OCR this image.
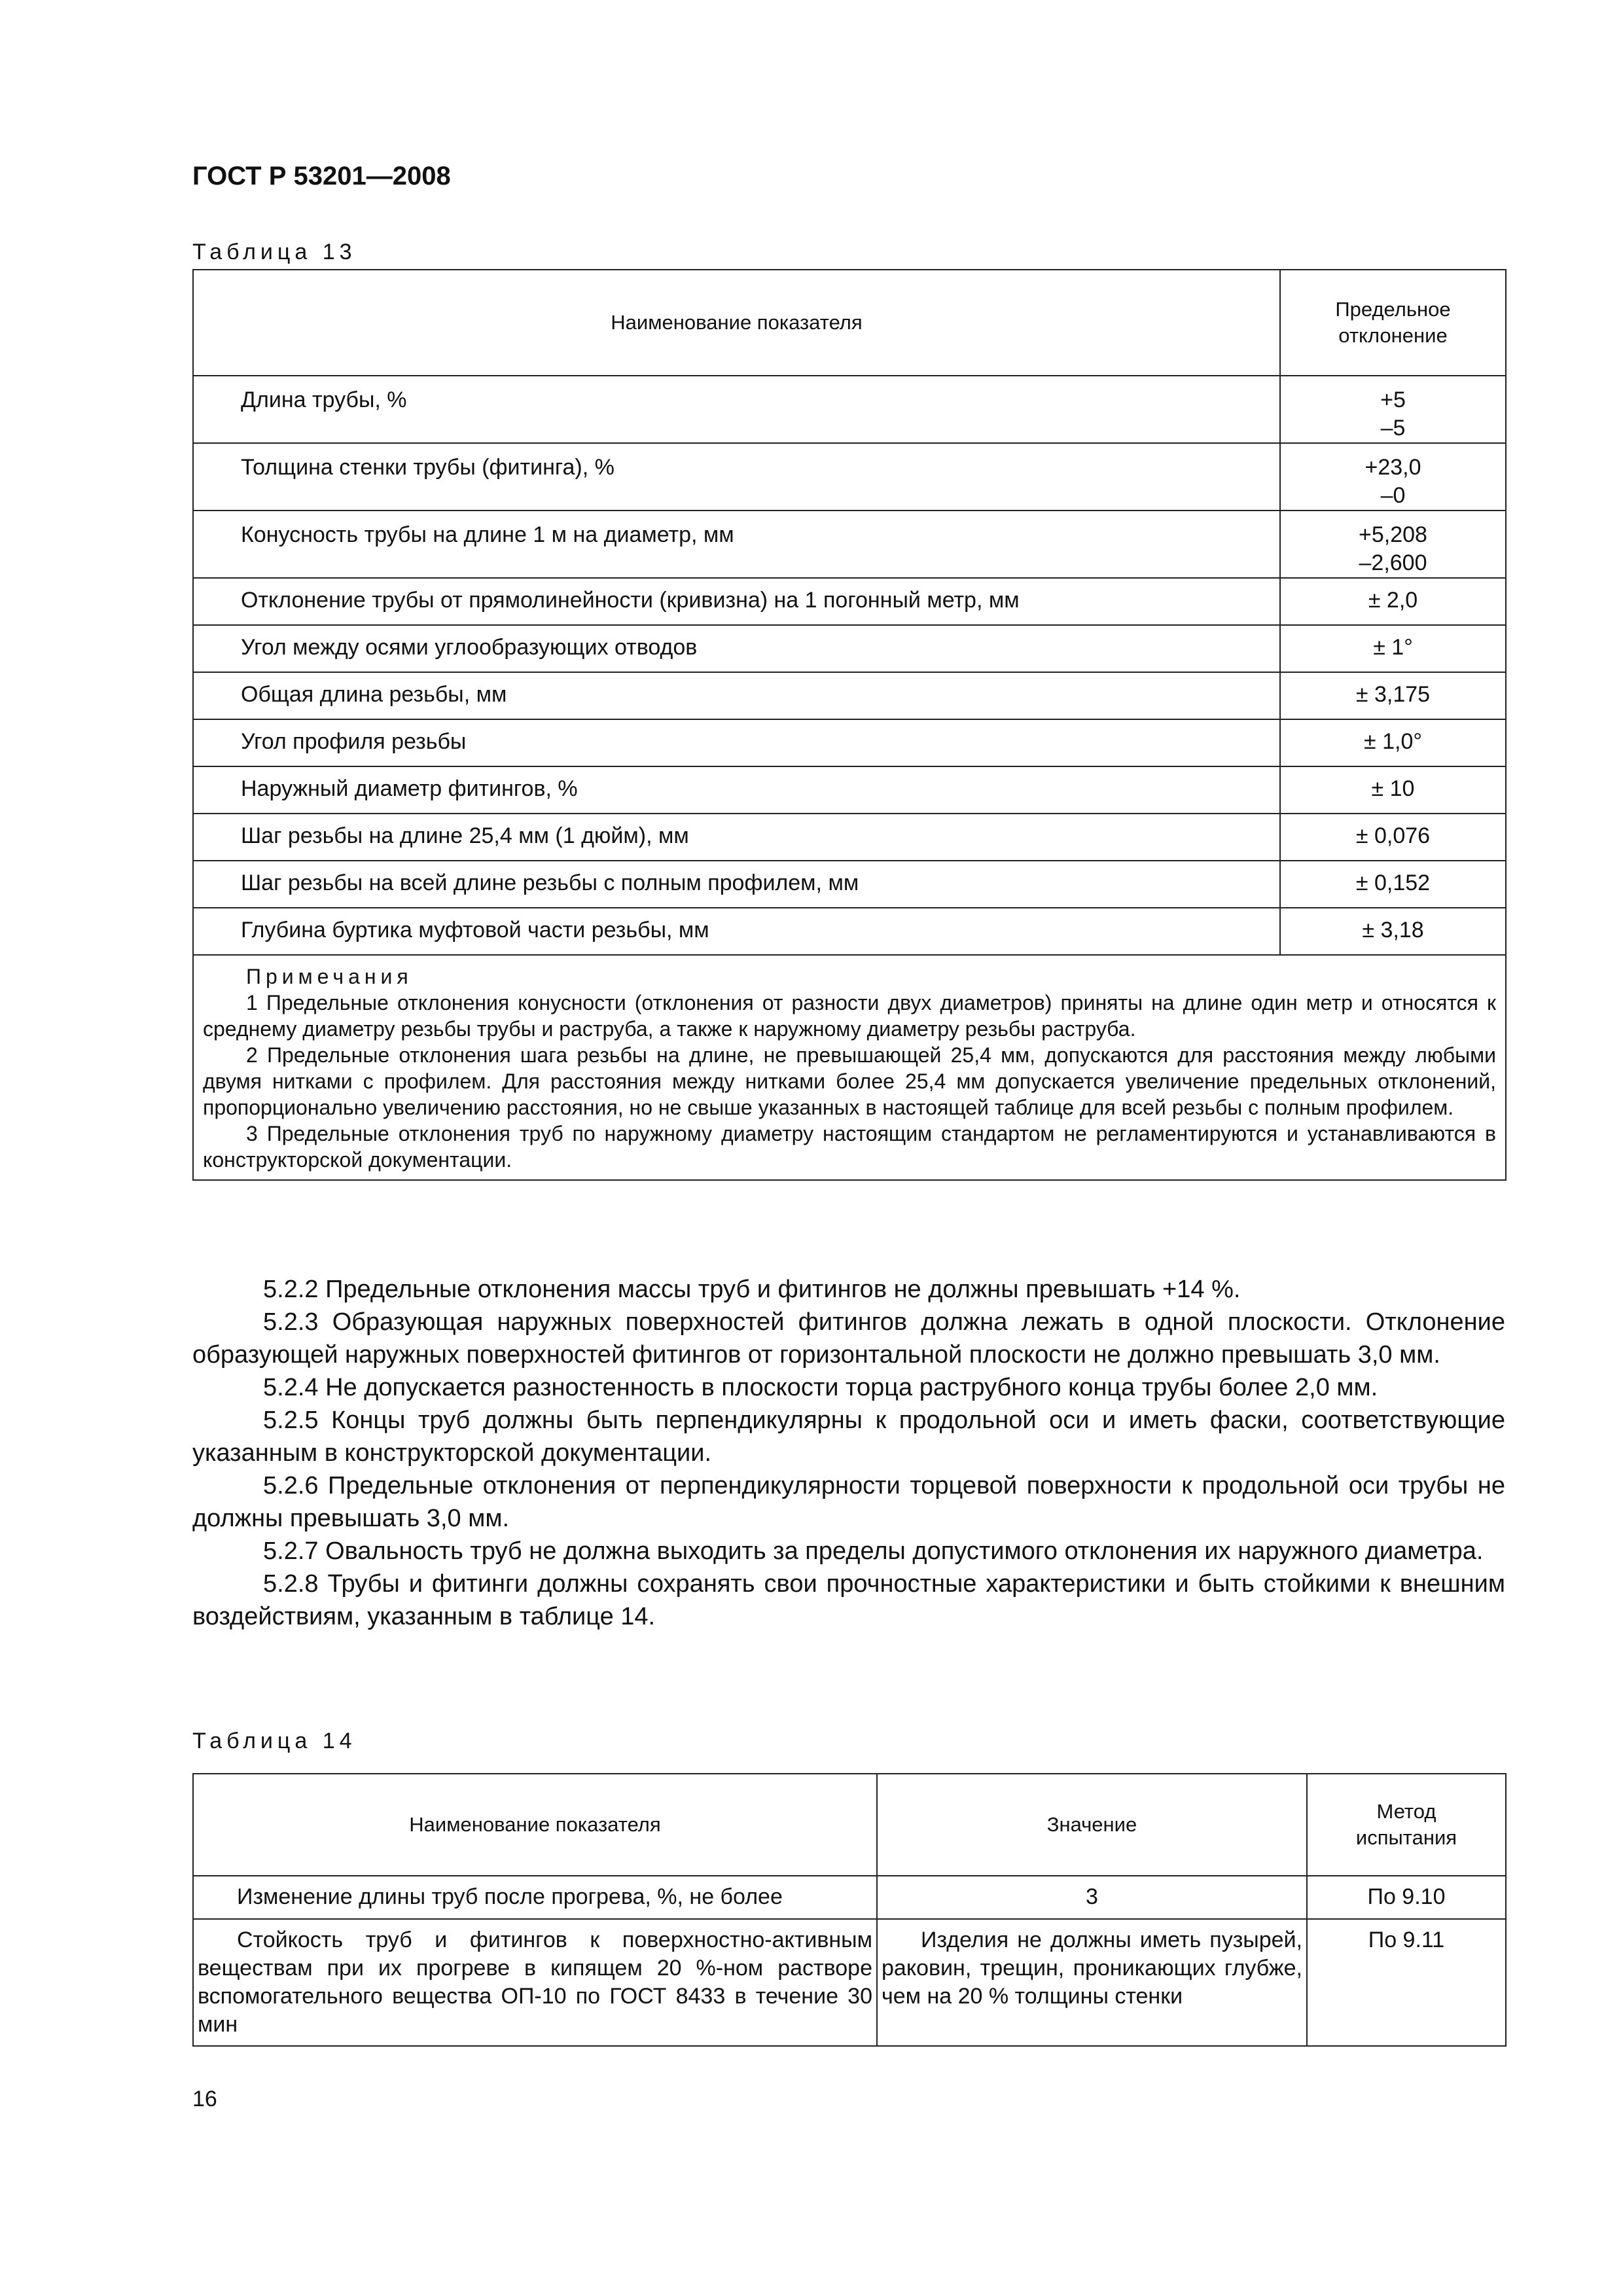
ГОСТ Р 53201—2008
Таблица 13
Наименование показателя	Предельное отклонение
Длина трубы, %	+5
–5

Толщина стенки трубы (фитинга), %	+23,0
–0

Конусность трубы на длине 1 м на диаметр, мм	+5,208
–2,600

Отклонение трубы от прямолинейности (кривизна) на 1 погонный метр, мм	± 2,0
Угол между осями углообразующих отводов	± 1°
Общая длина резьбы, мм	± 3,175
Угол профиля резьбы	± 1,0°
Наружный диаметр фитингов, %	± 10
Шаг резьбы на длине 25,4 мм (1 дюйм), мм	± 0,076
Шаг резьбы на всей длине резьбы с полным профилем, мм	± 0,152
Глубина буртика муфтовой части резьбы, мм	± 3,18

Примечания
1 Предельные отклонения конусности (отклонения от разности двух диаметров) приняты на длине один метр и относятся к среднему диаметру резьбы трубы и раструба, а также к наружному диаметру резьбы раструба.
2 Предельные отклонения шага резьбы на длине, не превышающей 25,4 мм, допускаются для расстояния между любыми двумя нитками с профилем. Для расстояния между нитками более 25,4 мм допускается увеличение предельных отклонений, пропорционально увеличению расстояния, но не свыше указанных в настоящей таблице для всей резьбы с полным профилем.
3 Предельные отклонения труб по наружному диаметру настоящим стандартом не регламентируются и устанавливаются в конструкторской документации.	

5.2.2 Предельные отклонения массы труб и фитингов не должны превышать +14 %.

5.2.3 Образующая наружных поверхностей фитингов должна лежать в одной плоскости. Отклонение образующей наружных поверхностей фитингов от горизонтальной плоскости не должно превышать 3,0 мм.

5.2.4 Не допускается разностенность в плоскости торца раструбного конца трубы более 2,0 мм.

5.2.5 Концы труб должны быть перпендикулярны к продольной оси и иметь фаски, соответствующие указанным в конструкторской документации.

5.2.6 Предельные отклонения от перпендикулярности торцевой поверхности к продольной оси трубы не должны превышать 3,0 мм.

5.2.7 Овальность труб не должна выходить за пределы допустимого отклонения их наружного диаметра.

5.2.8 Трубы и фитинги должны сохранять свои прочностные характеристики и быть стойкими к внешним воздействиям, указанным в таблице 14.

Таблица 14
Наименование показателя	Значение	Метод испытания
Изменение длины труб после прогрева, %, не более	3	По 9.10
Стойкость труб и фитингов к поверхностно-активным веществам при их прогреве в кипящем 20 %-ном растворе вспомогательного вещества ОП-10 по ГОСТ 8433 в течение 30 мин	Изделия не должны иметь пузырей, раковин, трещин, проникающих глубже, чем на 20 % толщины стенки	По 9.11
16
